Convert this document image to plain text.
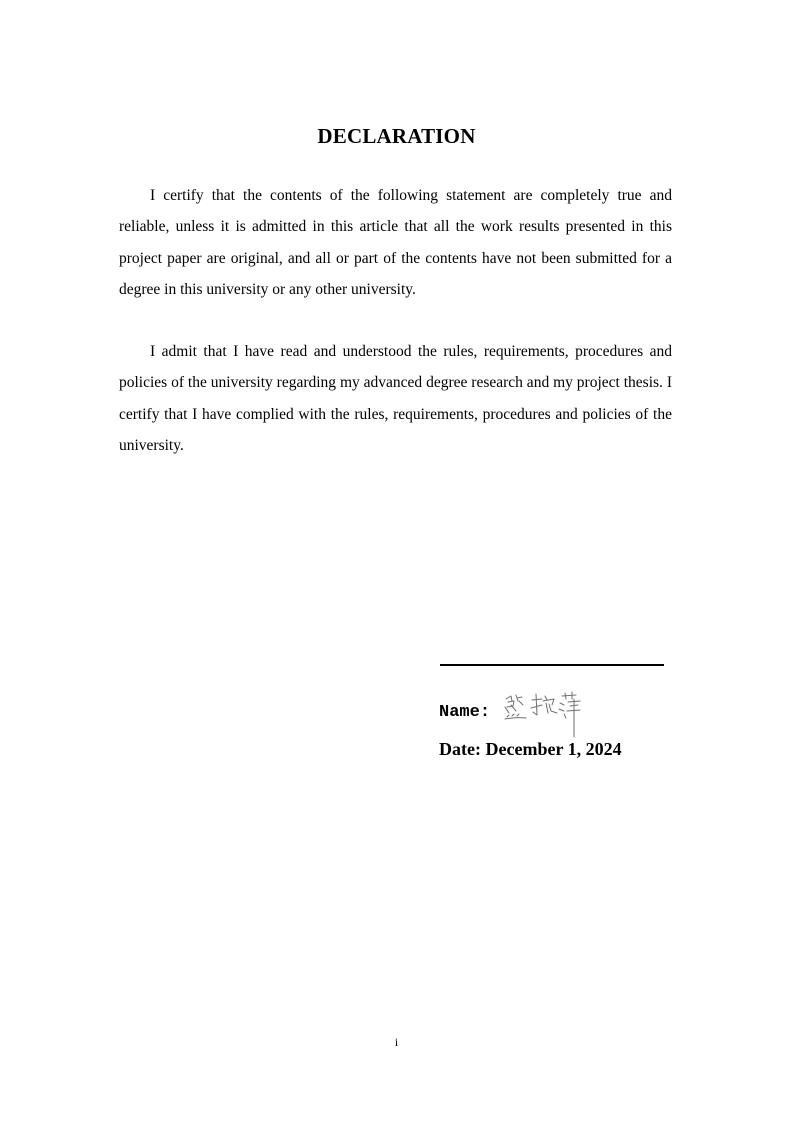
DECLARATION

I certify that the contents of the following statement are completely true and reliable, unless it is admitted in this article that all the work results presented in this project paper are original, and all or part of the contents have not been submitted for a degree in this university or any other university.

I admit that I have read and understood the rules, requirements, procedures and policies of the university regarding my advanced degree research and my project thesis. I certify that I have complied with the rules, requirements, procedures and policies of the university.

Name :
Date: December 1, 2024
i
